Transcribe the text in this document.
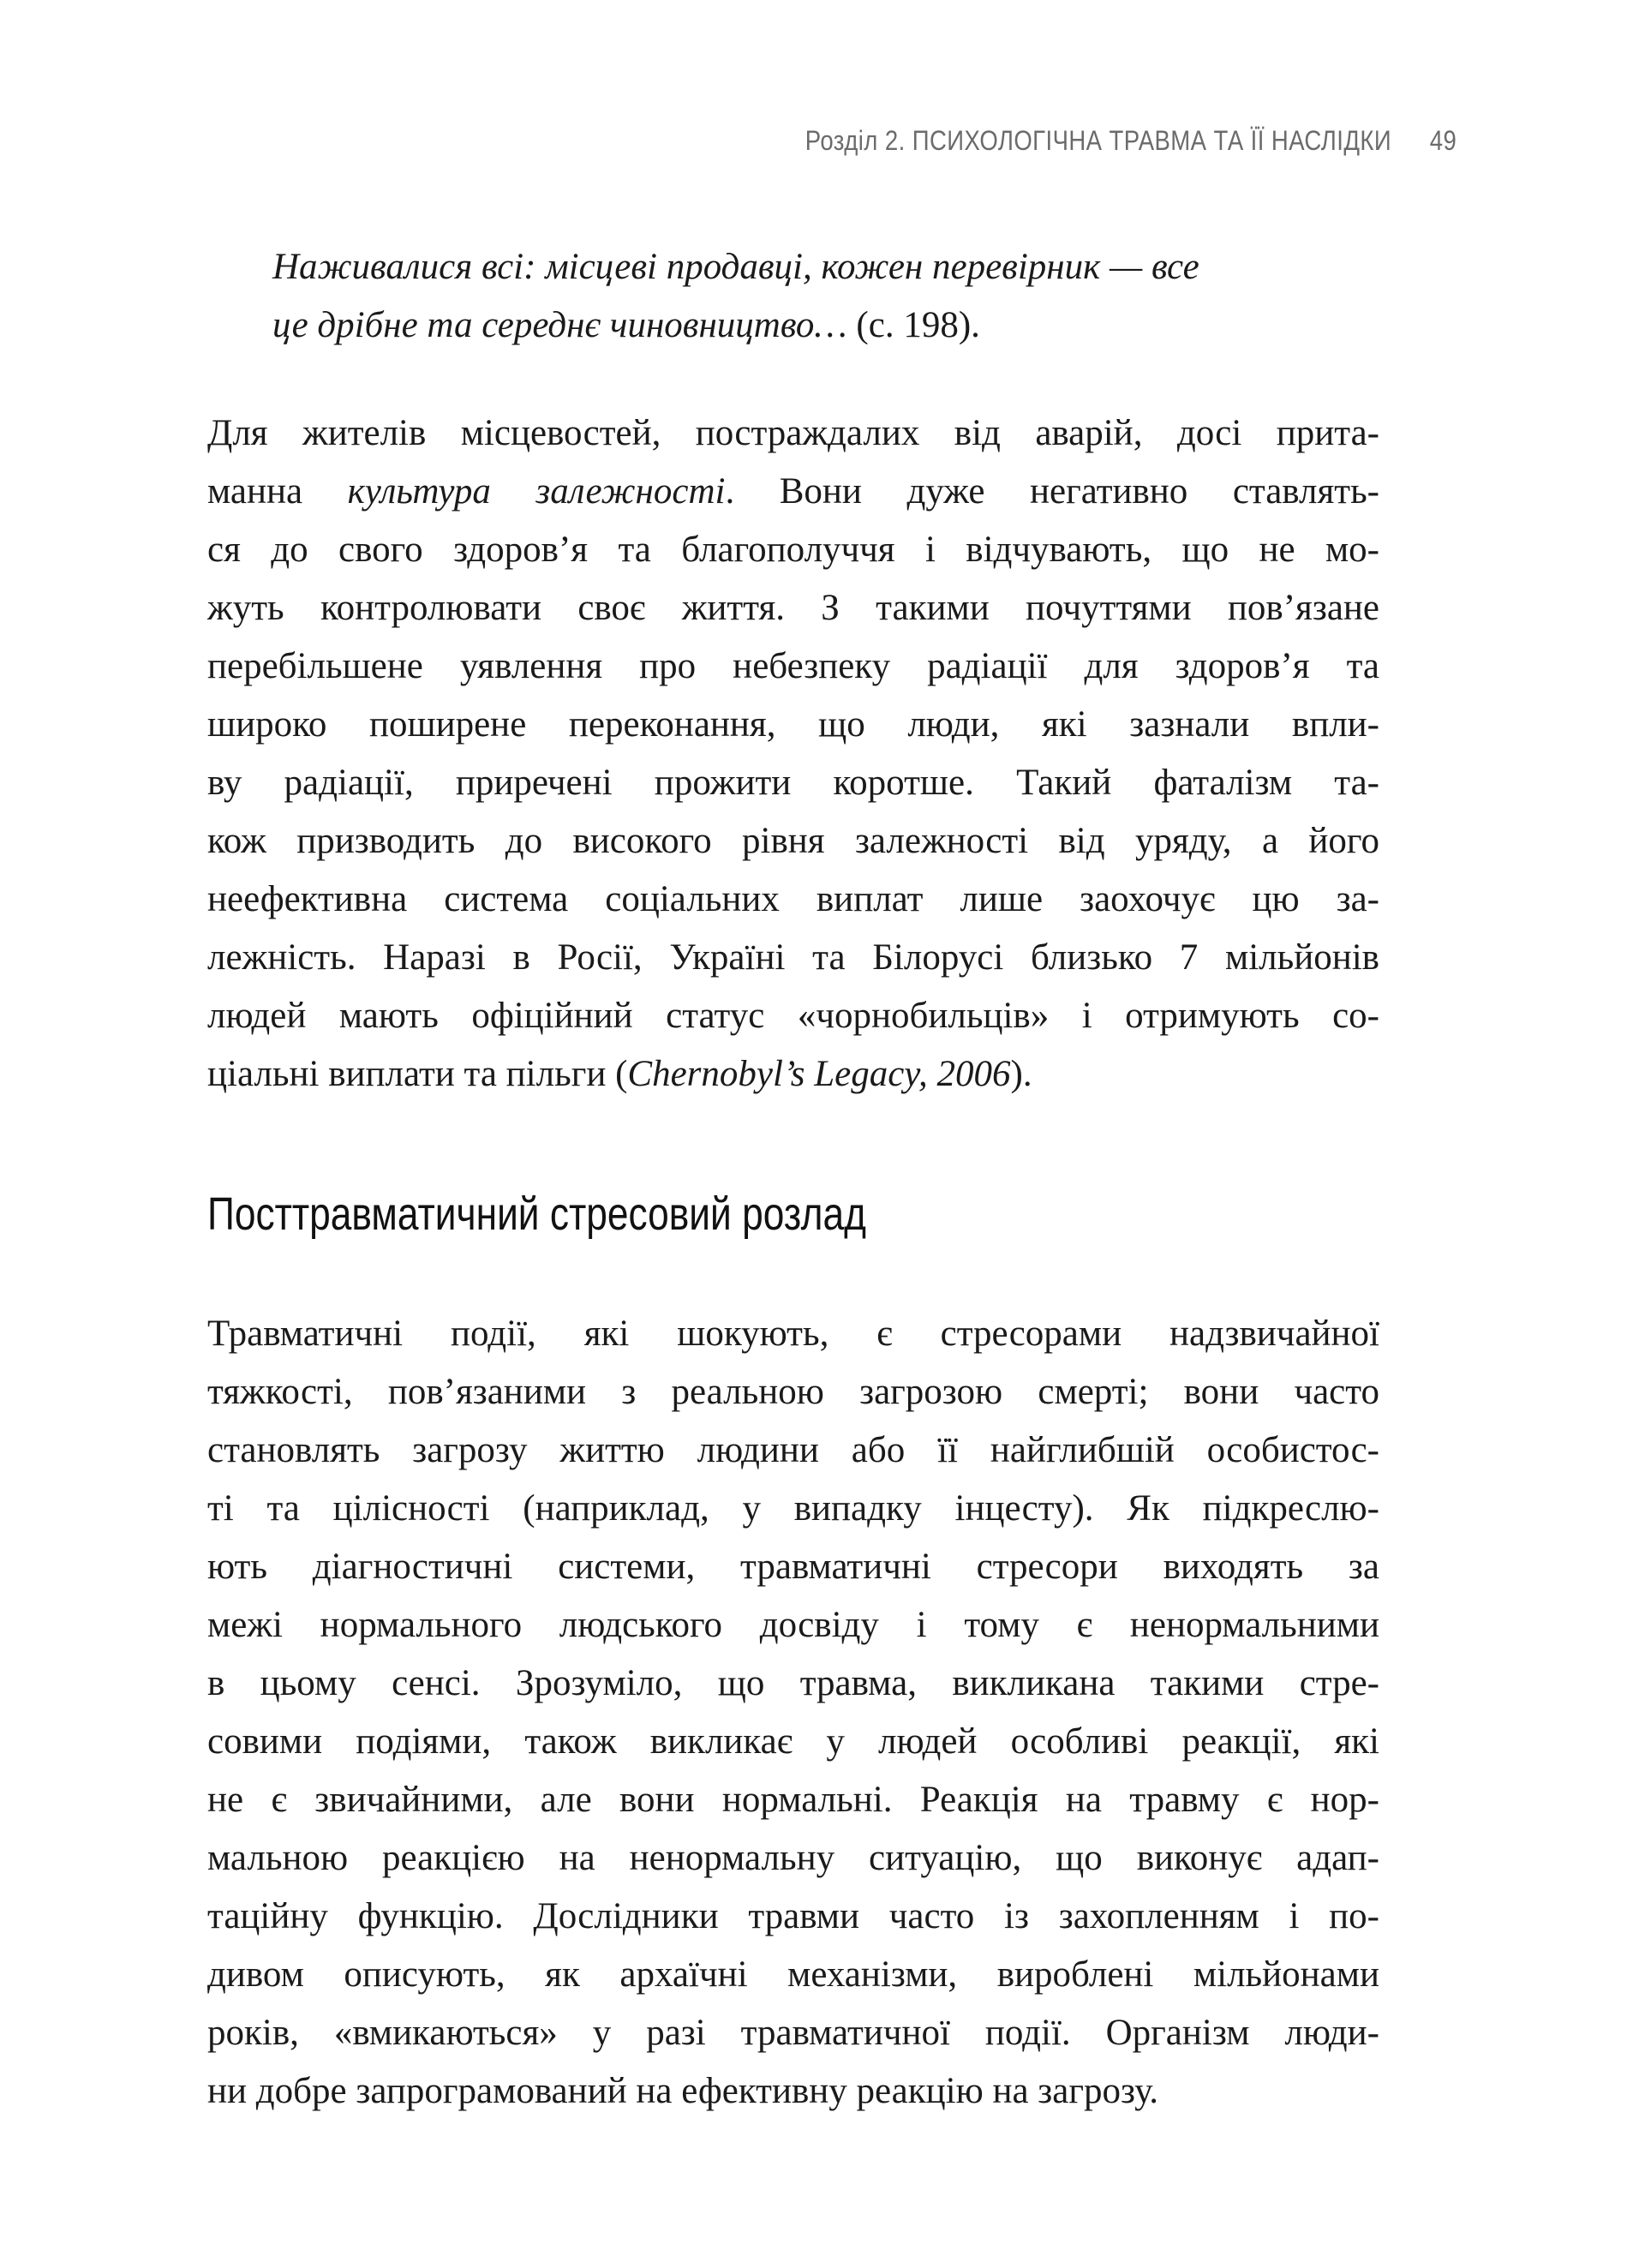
Розділ 2. ПСИХОЛОГІЧНА ТРАВМА ТА ЇЇ НАСЛІДКИ 49
Наживалися всі: місцеві продавці, кожен перевірник — все
це дрібне та середнє чиновництво… (с. 198).
Для жителів місцевостей, постраждалих від аварій, досі прита-
манна культура залежності. Вони дуже негативно ставлять-
ся до свого здоров’я та благополуччя і відчувають, що не мо-
жуть контролювати своє життя. З такими почуттями пов’язане
перебільшене уявлення про небезпеку радіації для здоров’я та
широко поширене переконання, що люди, які зазнали впли-
ву радіації, приречені прожити коротше. Такий фаталізм та-
кож призводить до високого рівня залежності від уряду, а його
неефективна система соціальних виплат лише заохочує цю за-
лежність. Наразі в Росії, Україні та Білорусі близько 7 мільйонів
людей мають офіційний статус «чорнобильців» і отримують со-
ціальні виплати та пільги (Chernobyl’s Legacy, 2006).
Посттравматичний стресовий розлад
Травматичні події, які шокують, є стресорами надзвичайної
тяжкості, пов’язаними з реальною загрозою смерті; вони часто
становлять загрозу життю людини або її найглибшій особистос-
ті та цілісності (наприклад, у випадку інцесту). Як підкреслю-
ють діагностичні системи, травматичні стресори виходять за
межі нормального людського досвіду і тому є ненормальними
в цьому сенсі. Зрозуміло, що травма, викликана такими стре-
совими подіями, також викликає у людей особливі реакції, які
не є звичайними, але вони нормальні. Реакція на травму є нор-
мальною реакцією на ненормальну ситуацію, що виконує адап-
таційну функцію. Дослідники травми часто із захопленням і по-
дивом описують, як архаїчні механізми, вироблені мільйонами
років, «вмикаються» у разі травматичної події. Організм люди-
ни добре запрограмований на ефективну реакцію на загрозу.
